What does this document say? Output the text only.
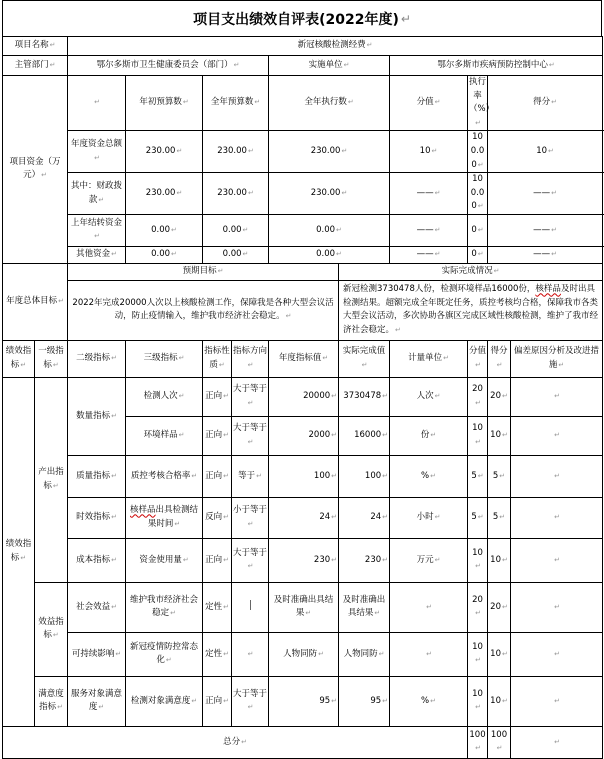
项目支出绩效自评表(2022年度) ↵
项目名称 ↵		新冠核酸检测经费 ↵
主管部门 ↵		鄂尔多斯市卫生健康委员会（部门） ↵				实施单位 ↵		鄂尔多斯市疾病预防控制中心 ↵
项目资金（万元） ↵	↵		年初预算数 ↵	全年预算数 ↵		全年执行数 ↵		分值 ↵	执行率（%） ↵	得分 ↵
		年度资金总额 ↵	230.00 ↵	230.00 ↵		230.00 ↵		10 ↵	100.00 ↵	10 ↵
		其中：财政拨款 ↵	230.00 ↵	230.00 ↵		230.00 ↵		—— ↵	100.00 ↵	—— ↵
		上年结转资金 ↵	0.00 ↵	0.00 ↵		0.00 ↵		—— ↵	0 ↵	—— ↵
		其他资金 ↵	0.00 ↵	0.00 ↵		0.00 ↵		—— ↵	0 ↵	—— ↵
年度总体目标 ↵		预期目标 ↵					实际完成情况 ↵
		2022年完成20000人次以上核酸检测工作，保障我是各种大型会议活动，防止疫情输入，维护我市经济社会稳定。 ↵					新冠检测3730478人份，检测环境样品16000份，核样品及时出具检测结果。超额完成全年既定任务，质控考核均合格，保障我市各类大型会议活动，多次协助各旗区完成区域性核酸检测，维护了我市经济社会稳定。 ↵
绩效指标 ↵	一级指标 ↵	二级指标 ↵	三级指标 ↵	指标性质 ↵	指标方向 ↵	年度指标值 ↵	实际完成值 ↵	计量单位 ↵	分值 ↵	得分 ↵	偏差原因分析及改进措施 ↵
绩效指标 ↵	产出指标 ↵	数量指标 ↵	检测人次 ↵	正向 ↵	大于等于 ↵	20000 ↵	3730478 ↵	人次 ↵	20 ↵	20 ↵	↵
			环境样品 ↵	正向 ↵	大于等于 ↵	2000 ↵	16000 ↵	份 ↵	10 ↵	10 ↵	↵
		质量指标 ↵	质控考核合格率 ↵	正向 ↵	等于 ↵	100 ↵	100 ↵	% ↵	5 ↵	5 ↵	↵
		时效指标 ↵	核样品出具检测结果时间 ↵	反向 ↵	小于等于 ↵	24 ↵	24 ↵	小时 ↵	5 ↵	5 ↵	↵
		成本指标 ↵	资金使用量 ↵	正向 ↵	大于等于 ↵	230 ↵	230 ↵	万元 ↵	10 ↵	10 ↵	↵
	效益指标 ↵	社会效益 ↵	维护我市经济社会稳定 ↵	定性 ↵		及时准确出具结果 ↵	及时准确出具结果 ↵	↵	20 ↵	20 ↵	↵
		可持续影响 ↵	新冠疫情防控常态化 ↵	定性 ↵	↵	人物同防 ↵	人物同防 ↵	↵	10 ↵	10 ↵	↵
	满意度指标 ↵	服务对象满意度 ↵	检测对象满意度 ↵	正向 ↵	大于等于 ↵	95 ↵	95 ↵	% ↵	10 ↵	10 ↵	↵
总分 ↵									100 ↵	100 ↵	↵
